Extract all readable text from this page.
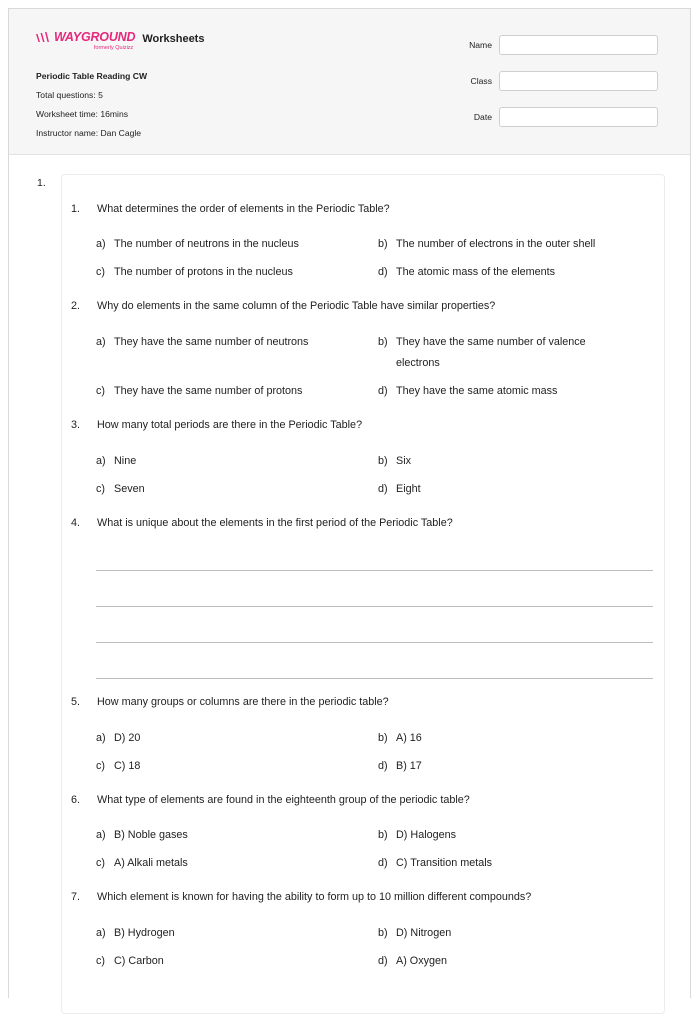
WAYGROUND
formerly Quizizz
Worksheets
Periodic Table Reading CW
Total questions: 5
Worksheet time: 16mins
Instructor name: Dan Cagle
Name
Class
Date
1.
1.	What determines the order of elements in the Periodic Table?
a) The number of neutrons in the nucleus	b) The number of electrons in the outer shell
c) The number of protons in the nucleus	d) The atomic mass of the elements
2.	Why do elements in the same column of the Periodic Table have similar properties?
a) They have the same number of neutrons	b) They have the same number of valence electrons
c) They have the same number of protons	d) They have the same atomic mass
3.	How many total periods are there in the Periodic Table?
a) Nine	b) Six
c) Seven	d) Eight
4.	What is unique about the elements in the first period of the Periodic Table?
5.	How many groups or columns are there in the periodic table?
a) D) 20	b) A) 16
c) C) 18	d) B) 17
6.	What type of elements are found in the eighteenth group of the periodic table?
a) B) Noble gases	b) D) Halogens
c) A) Alkali metals	d) C) Transition metals
7.	Which element is known for having the ability to form up to 10 million different compounds?
a) B) Hydrogen	b) D) Nitrogen
c) C) Carbon	d) A) Oxygen
